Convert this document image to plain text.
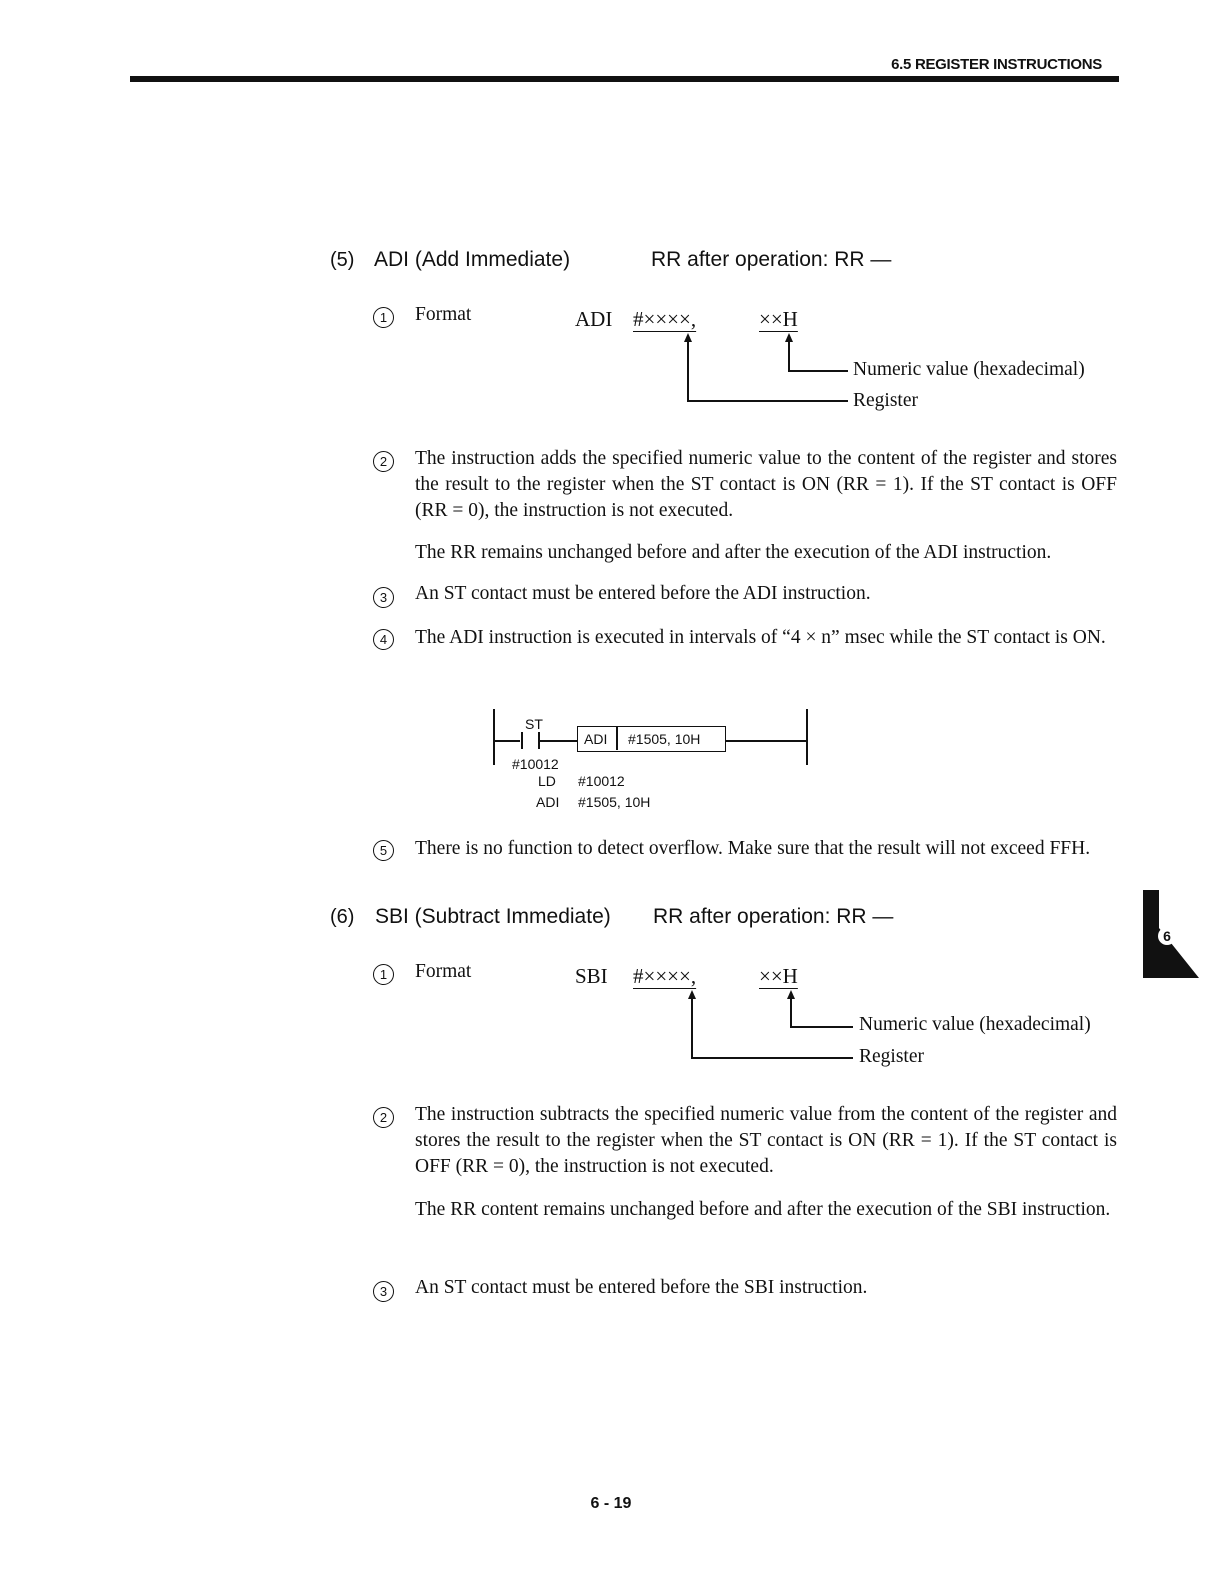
6.5 REGISTER INSTRUCTIONS
(5) ADI (Add Immediate)	RR after operation: RR —
1	Format	ADI #××××,	××H
Numeric value (hexadecimal)
Register
2	The instruction adds the specified numeric value to the content of the register and stores the result to the register when the ST contact is ON (RR = 1). If the ST contact is OFF (RR = 0), the instruction is not executed.
The RR remains unchanged before and after the execution of the ADI instruction.
3	An ST contact must be entered before the ADI instruction.
4	The ADI instruction is executed in intervals of “4 × n” msec while the ST contact is ON.
ST
ADI #1505, 10H
#10012
LD #10012
ADI #1505, 10H
5	There is no function to detect overflow. Make sure that the result will not exceed FFH.
(6) SBI (Subtract Immediate) RR after operation: RR —
1	Format	SBI #××××,	××H
Numeric value (hexadecimal)
Register
2	The instruction subtracts the specified numeric value from the content of the register and stores the result to the register when the ST contact is ON (RR = 1). If the ST contact is OFF (RR = 0), the instruction is not executed.
The RR content remains unchanged before and after the execution of the SBI instruction.
3	An ST contact must be entered before the SBI instruction.
6
6 - 19
